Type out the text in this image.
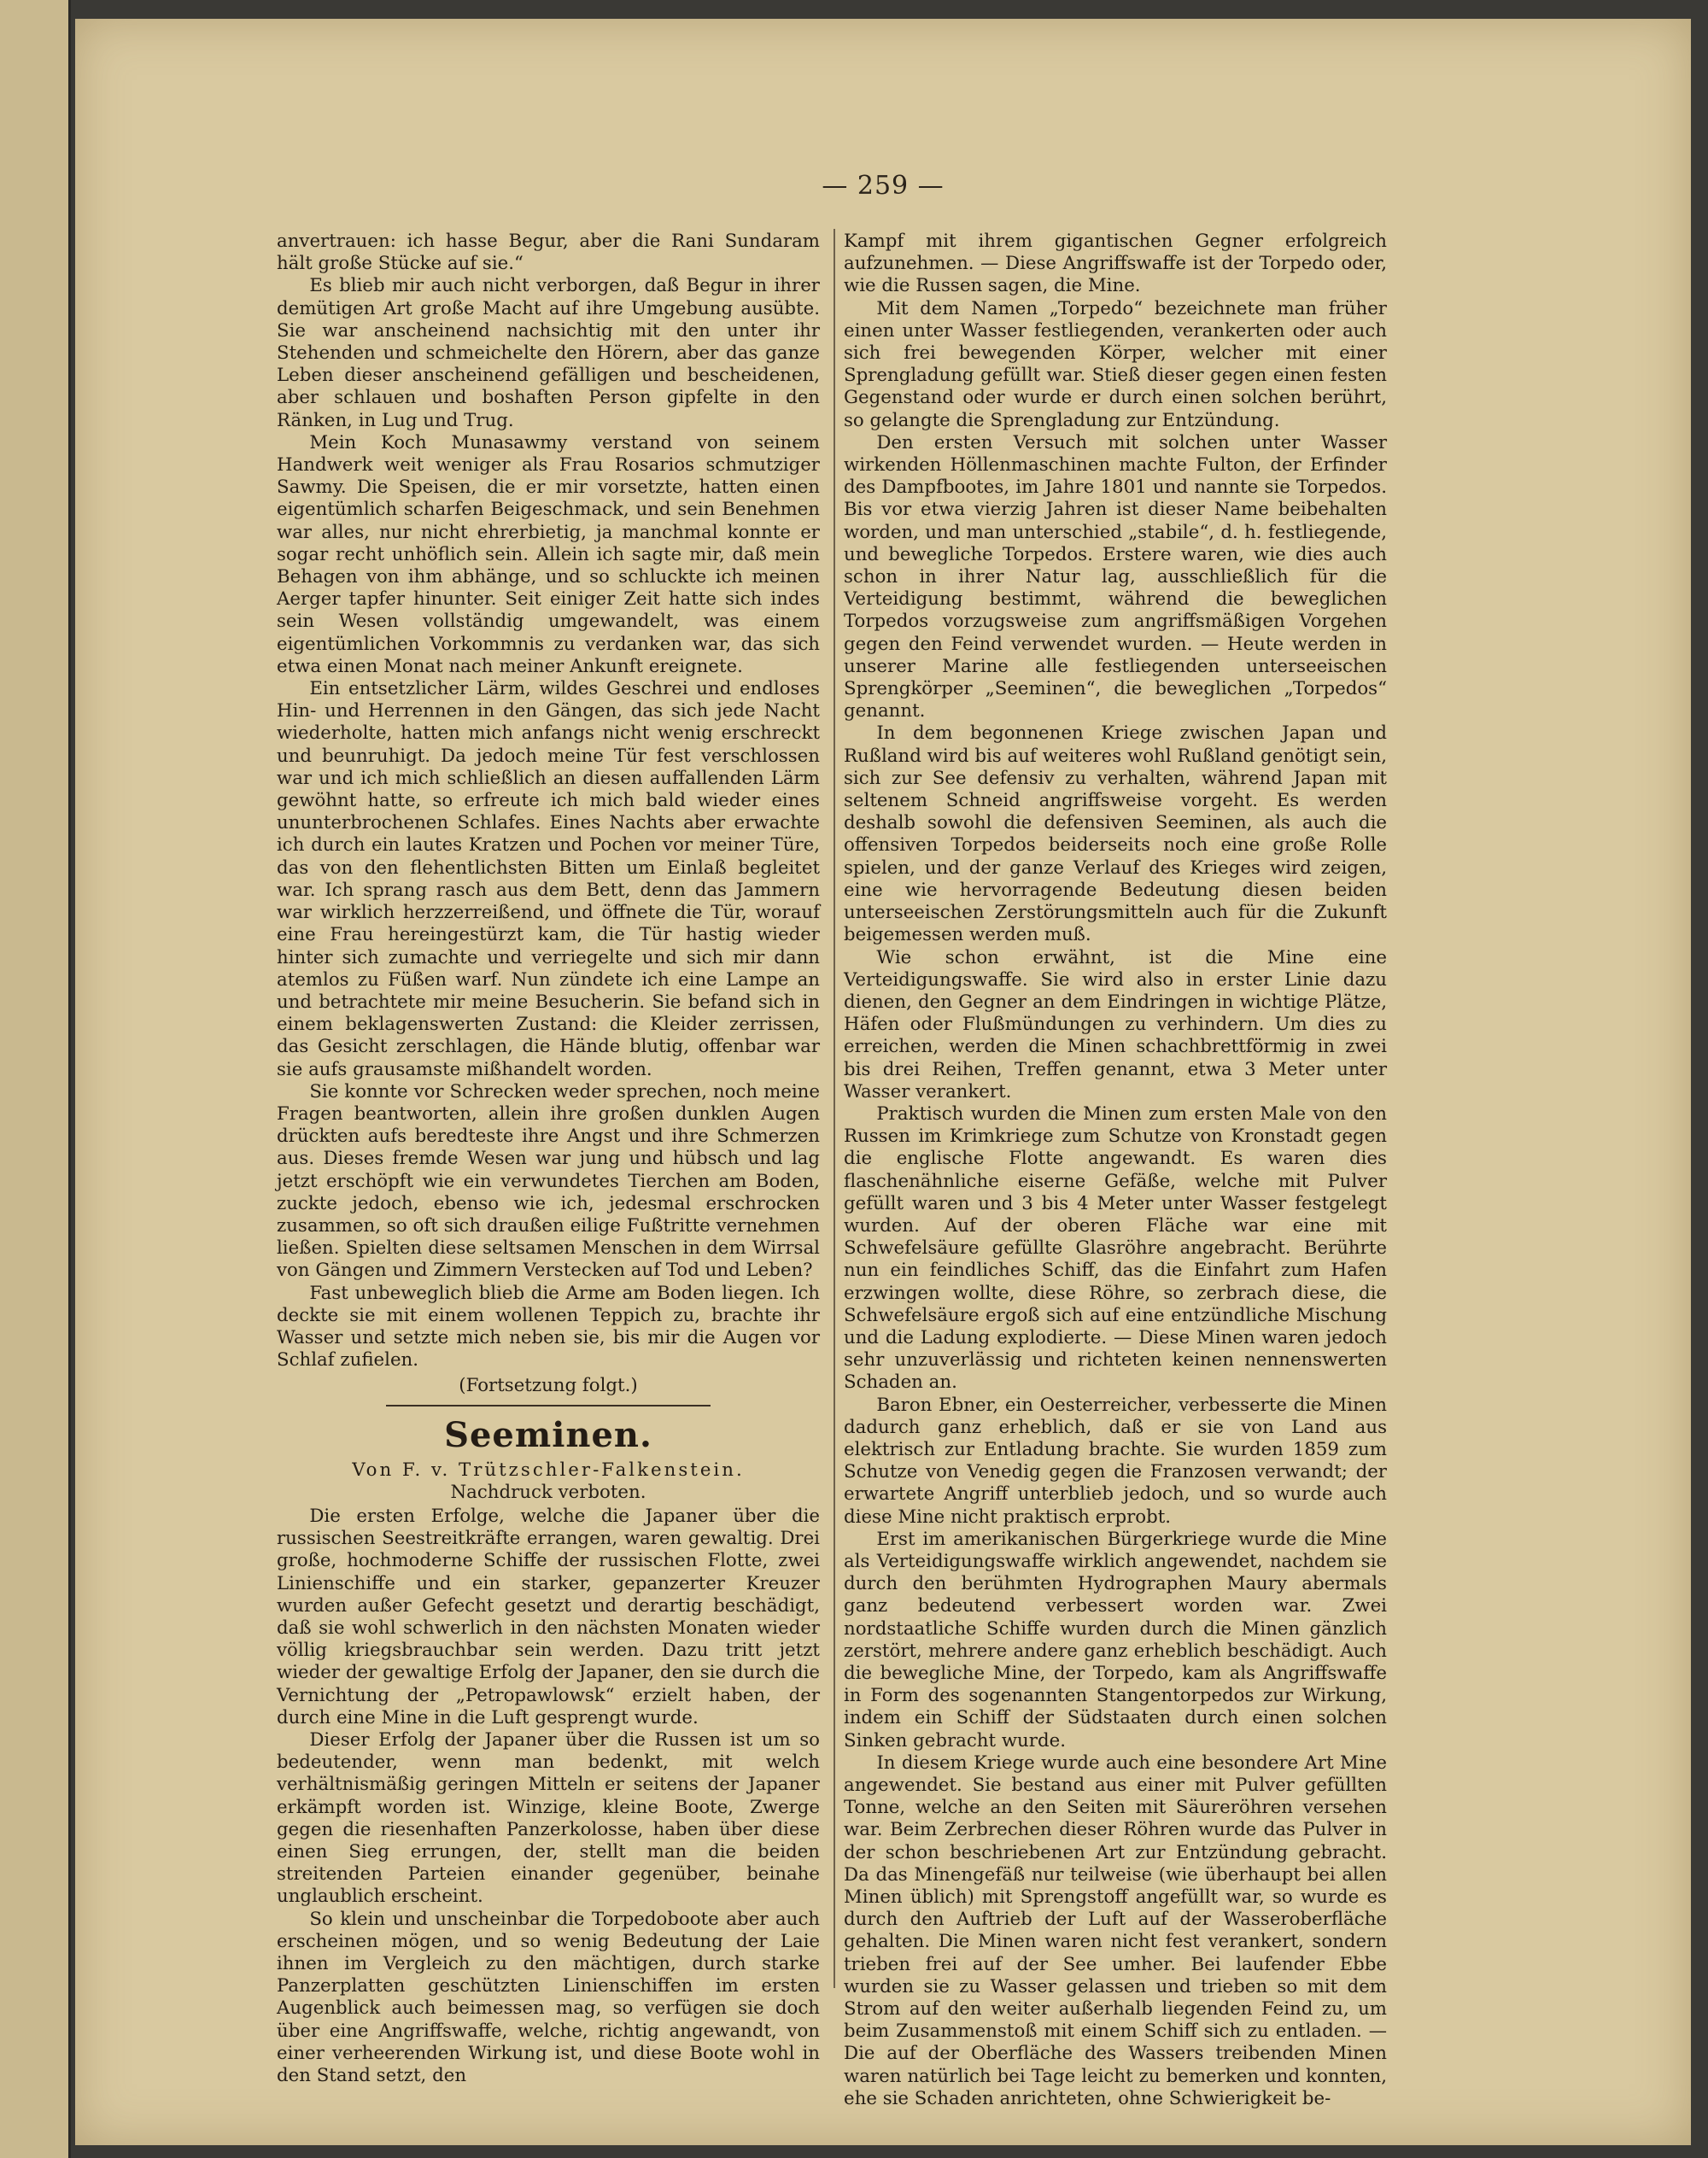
— 259 —

anvertrauen: ich hasse Begur, aber die Rani Sundaram hält große Stücke auf sie.“

Es blieb mir auch nicht verborgen, daß Begur in ihrer demütigen Art große Macht auf ihre Umgebung ausübte. Sie war anscheinend nachsichtig mit den unter ihr Stehenden und schmeichelte den Hörern, aber das ganze Leben dieser anscheinend gefälligen und bescheidenen, aber schlauen und boshaften Person gipfelte in den Ränken, in Lug und Trug.

Mein Koch Munasawmy verstand von seinem Handwerk weit weniger als Frau Rosarios schmutziger Sawmy. Die Speisen, die er mir vorsetzte, hatten einen eigentümlich scharfen Beigeschmack, und sein Benehmen war alles, nur nicht ehrerbietig, ja manchmal konnte er sogar recht unhöflich sein. Allein ich sagte mir, daß mein Behagen von ihm abhänge, und so schluckte ich meinen Aerger tapfer hinunter. Seit einiger Zeit hatte sich indes sein Wesen vollständig umgewandelt, was einem eigentümlichen Vorkommnis zu verdanken war, das sich etwa einen Monat nach meiner Ankunft ereignete.

Ein entsetzlicher Lärm, wildes Geschrei und endloses Hin- und Herrennen in den Gängen, das sich jede Nacht wiederholte, hatten mich anfangs nicht wenig erschreckt und beunruhigt. Da jedoch meine Tür fest verschlossen war und ich mich schließlich an diesen auffallenden Lärm gewöhnt hatte, so erfreute ich mich bald wieder eines ununterbrochenen Schlafes. Eines Nachts aber erwachte ich durch ein lautes Kratzen und Pochen vor meiner Türe, das von den flehentlichsten Bitten um Einlaß begleitet war. Ich sprang rasch aus dem Bett, denn das Jammern war wirklich herzzerreißend, und öffnete die Tür, worauf eine Frau hereingestürzt kam, die Tür hastig wieder hinter sich zumachte und verriegelte und sich mir dann atemlos zu Füßen warf. Nun zündete ich eine Lampe an und betrachtete mir meine Besucherin. Sie befand sich in einem beklagenswerten Zustand: die Kleider zerrissen, das Gesicht zerschlagen, die Hände blutig, offenbar war sie aufs grausamste mißhandelt worden.

Sie konnte vor Schrecken weder sprechen, noch meine Fragen beantworten, allein ihre großen dunklen Augen drückten aufs beredteste ihre Angst und ihre Schmerzen aus. Dieses fremde Wesen war jung und hübsch und lag jetzt erschöpft wie ein verwundetes Tierchen am Boden, zuckte jedoch, ebenso wie ich, jedesmal erschrocken zusammen, so oft sich draußen eilige Fußtritte vernehmen ließen. Spielten diese seltsamen Menschen in dem Wirrsal von Gängen und Zimmern Verstecken auf Tod und Leben?

Fast unbeweglich blieb die Arme am Boden liegen. Ich deckte sie mit einem wollenen Teppich zu, brachte ihr Wasser und setzte mich neben sie, bis mir die Augen vor Schlaf zufielen.

(Fortsetzung folgt.)

Seeminen.

Von F. v. Trützschler-Falkenstein.

Nachdruck verboten.

Die ersten Erfolge, welche die Japaner über die russischen Seestreitkräfte errangen, waren gewaltig. Drei große, hochmoderne Schiffe der russischen Flotte, zwei Linienschiffe und ein starker, gepanzerter Kreuzer wurden außer Gefecht gesetzt und derartig beschädigt, daß sie wohl schwerlich in den nächsten Monaten wieder völlig kriegsbrauchbar sein werden. Dazu tritt jetzt wieder der gewaltige Erfolg der Japaner, den sie durch die Vernichtung der „Petropawlowsk“ erzielt haben, der durch eine Mine in die Luft gesprengt wurde.

Dieser Erfolg der Japaner über die Russen ist um so bedeutender, wenn man bedenkt, mit welch verhältnismäßig geringen Mitteln er seitens der Japaner erkämpft worden ist. Winzige, kleine Boote, Zwerge gegen die riesenhaften Panzerkolosse, haben über diese einen Sieg errungen, der, stellt man die beiden streitenden Parteien einander gegenüber, beinahe unglaublich erscheint.

So klein und unscheinbar die Torpedoboote aber auch erscheinen mögen, und so wenig Bedeutung der Laie ihnen im Vergleich zu den mächtigen, durch starke Panzerplatten geschützten Linienschiffen im ersten Augenblick auch beimessen mag, so verfügen sie doch über eine Angriffswaffe, welche, richtig angewandt, von einer verheerenden Wirkung ist, und diese Boote wohl in den Stand setzt, den

Kampf mit ihrem gigantischen Gegner erfolgreich aufzunehmen. — Diese Angriffswaffe ist der Torpedo oder, wie die Russen sagen, die Mine.

Mit dem Namen „Torpedo“ bezeichnete man früher einen unter Wasser festliegenden, verankerten oder auch sich frei bewegenden Körper, welcher mit einer Sprengladung gefüllt war. Stieß dieser gegen einen festen Gegenstand oder wurde er durch einen solchen berührt, so gelangte die Sprengladung zur Entzündung.

Den ersten Versuch mit solchen unter Wasser wirkenden Höllenmaschinen machte Fulton, der Erfinder des Dampfbootes, im Jahre 1801 und nannte sie Torpedos. Bis vor etwa vierzig Jahren ist dieser Name beibehalten worden, und man unterschied „stabile“, d. h. festliegende, und bewegliche Torpedos. Erstere waren, wie dies auch schon in ihrer Natur lag, ausschließlich für die Verteidigung bestimmt, während die beweglichen Torpedos vorzugsweise zum angriffsmäßigen Vorgehen gegen den Feind verwendet wurden. — Heute werden in unserer Marine alle festliegenden unterseeischen Sprengkörper „Seeminen“, die beweglichen „Torpedos“ genannt.

In dem begonnenen Kriege zwischen Japan und Rußland wird bis auf weiteres wohl Rußland genötigt sein, sich zur See defensiv zu verhalten, während Japan mit seltenem Schneid angriffsweise vorgeht. Es werden deshalb sowohl die defensiven Seeminen, als auch die offensiven Torpedos beiderseits noch eine große Rolle spielen, und der ganze Verlauf des Krieges wird zeigen, eine wie hervorragende Bedeutung diesen beiden unterseeischen Zerstörungsmitteln auch für die Zukunft beigemessen werden muß.

Wie schon erwähnt, ist die Mine eine Verteidigungswaffe. Sie wird also in erster Linie dazu dienen, den Gegner an dem Eindringen in wichtige Plätze, Häfen oder Flußmündungen zu verhindern. Um dies zu erreichen, werden die Minen schachbrettförmig in zwei bis drei Reihen, Treffen genannt, etwa 3 Meter unter Wasser verankert.

Praktisch wurden die Minen zum ersten Male von den Russen im Krimkriege zum Schutze von Kronstadt gegen die englische Flotte angewandt. Es waren dies flaschenähnliche eiserne Gefäße, welche mit Pulver gefüllt waren und 3 bis 4 Meter unter Wasser festgelegt wurden. Auf der oberen Fläche war eine mit Schwefelsäure gefüllte Glasröhre angebracht. Berührte nun ein feindliches Schiff, das die Einfahrt zum Hafen erzwingen wollte, diese Röhre, so zerbrach diese, die Schwefelsäure ergoß sich auf eine entzündliche Mischung und die Ladung explodierte. — Diese Minen waren jedoch sehr unzuverlässig und richteten keinen nennenswerten Schaden an.

Baron Ebner, ein Oesterreicher, verbesserte die Minen dadurch ganz erheblich, daß er sie von Land aus elektrisch zur Entladung brachte. Sie wurden 1859 zum Schutze von Venedig gegen die Franzosen verwandt; der erwartete Angriff unterblieb jedoch, und so wurde auch diese Mine nicht praktisch erprobt.

Erst im amerikanischen Bürgerkriege wurde die Mine als Verteidigungswaffe wirklich angewendet, nachdem sie durch den berühmten Hydrographen Maury abermals ganz bedeutend verbessert worden war. Zwei nordstaatliche Schiffe wurden durch die Minen gänzlich zerstört, mehrere andere ganz erheblich beschädigt. Auch die bewegliche Mine, der Torpedo, kam als Angriffswaffe in Form des sogenannten Stangentorpedos zur Wirkung, indem ein Schiff der Südstaaten durch einen solchen Sinken gebracht wurde.

In diesem Kriege wurde auch eine besondere Art Mine angewendet. Sie bestand aus einer mit Pulver gefüllten Tonne, welche an den Seiten mit Säureröhren versehen war. Beim Zerbrechen dieser Röhren wurde das Pulver in der schon beschriebenen Art zur Entzündung gebracht. Da das Minengefäß nur teilweise (wie überhaupt bei allen Minen üblich) mit Sprengstoff angefüllt war, so wurde es durch den Auftrieb der Luft auf der Wasseroberfläche gehalten. Die Minen waren nicht fest verankert, sondern trieben frei auf der See umher. Bei laufender Ebbe wurden sie zu Wasser gelassen und trieben so mit dem Strom auf den weiter außerhalb liegenden Feind zu, um beim Zusammenstoß mit einem Schiff sich zu entladen. — Die auf der Oberfläche des Wassers treibenden Minen waren natürlich bei Tage leicht zu bemerken und konnten, ehe sie Schaden anrichteten, ohne Schwierigkeit be-
